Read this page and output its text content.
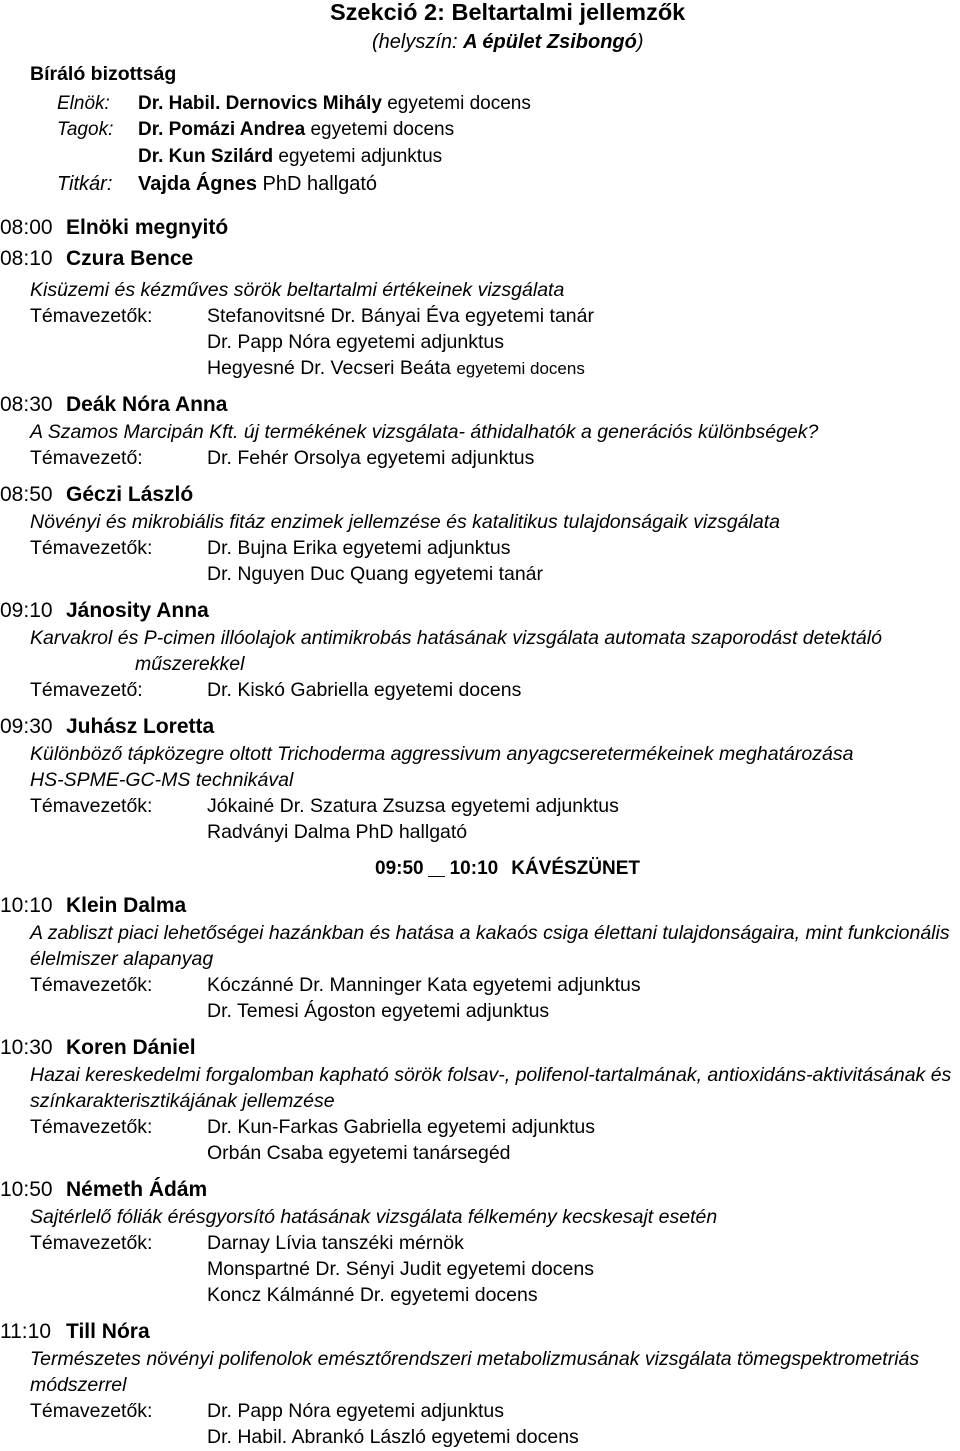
Szekció 2: Beltartalmi jellemzők
(helyszín: A épület Zsibongó)
Bíráló bizottság
Elnök: Dr. Habil. Dernovics Mihály egyetemi docens
Tagok: Dr. Pomázi Andrea egyetemi docens
Dr. Kun Szilárd egyetemi adjunktus
Titkár: Vajda Ágnes PhD hallgató
08:00 Elnöki megnyitó
08:10 Czura Bence
Kisüzemi és kézműves sörök beltartalmi értékeinek vizsgálata
Témavezetők:	Stefanovitsné Dr. Bányai Éva egyetemi tanár
Dr. Papp Nóra egyetemi adjunktus
Hegyesné Dr. Vecseri Beáta egyetemi docens
08:30 Deák Nóra Anna
A Szamos Marcipán Kft. új termékének vizsgálata- áthidalhatók a generációs különbségek?
Témavezető:	Dr. Fehér Orsolya egyetemi adjunktus
08:50 Géczi László
Növényi és mikrobiális fitáz enzimek jellemzése és katalitikus tulajdonságaik vizsgálata
Témavezetők:	Dr. Bujna Erika egyetemi adjunktus
Dr. Nguyen Duc Quang egyetemi tanár
09:10 Jánosity Anna
Karvakrol és P-cimen illóolajok antimikrobás hatásának vizsgálata automata szaporodást detektáló
műszerekkel
Témavezető:	Dr. Kiskó Gabriella egyetemi docens
09:30 Juhász Loretta
Különböző tápközegre oltott Trichoderma aggressivum anyagcseretermékeinek meghatározása
HS-SPME-GC-MS technikával
Témavezetők:	Jókainé Dr. Szatura Zsuzsa egyetemi adjunktus
Radványi Dalma PhD hallgató
09:50 10:10 KÁVÉSZÜNET
10:10 Klein Dalma
A zabliszt piaci lehetőségei hazánkban és hatása a kakaós csiga élettani tulajdonságaira, mint funkcionális
élelmiszer alapanyag
Témavezetők:	Kóczánné Dr. Manninger Kata egyetemi adjunktus
Dr. Temesi Ágoston egyetemi adjunktus
10:30 Koren Dániel
Hazai kereskedelmi forgalomban kapható sörök folsav-, polifenol-tartalmának, antioxidáns-aktivitásának és
színkarakterisztikájának jellemzése
Témavezetők:	Dr. Kun-Farkas Gabriella egyetemi adjunktus
Orbán Csaba egyetemi tanársegéd
10:50 Németh Ádám
Sajtérlelő fóliák érésgyorsító hatásának vizsgálata félkemény kecskesajt esetén
Témavezetők:	Darnay Lívia tanszéki mérnök
Monspartné Dr. Sényi Judit egyetemi docens
Koncz Kálmánné Dr. egyetemi docens
11:10 Till Nóra
Természetes növényi polifenolok emésztőrendszeri metabolizmusának vizsgálata tömegspektrometriás
módszerrel
Témavezetők:	Dr. Papp Nóra egyetemi adjunktus
Dr. Habil. Abrankó László egyetemi docens
